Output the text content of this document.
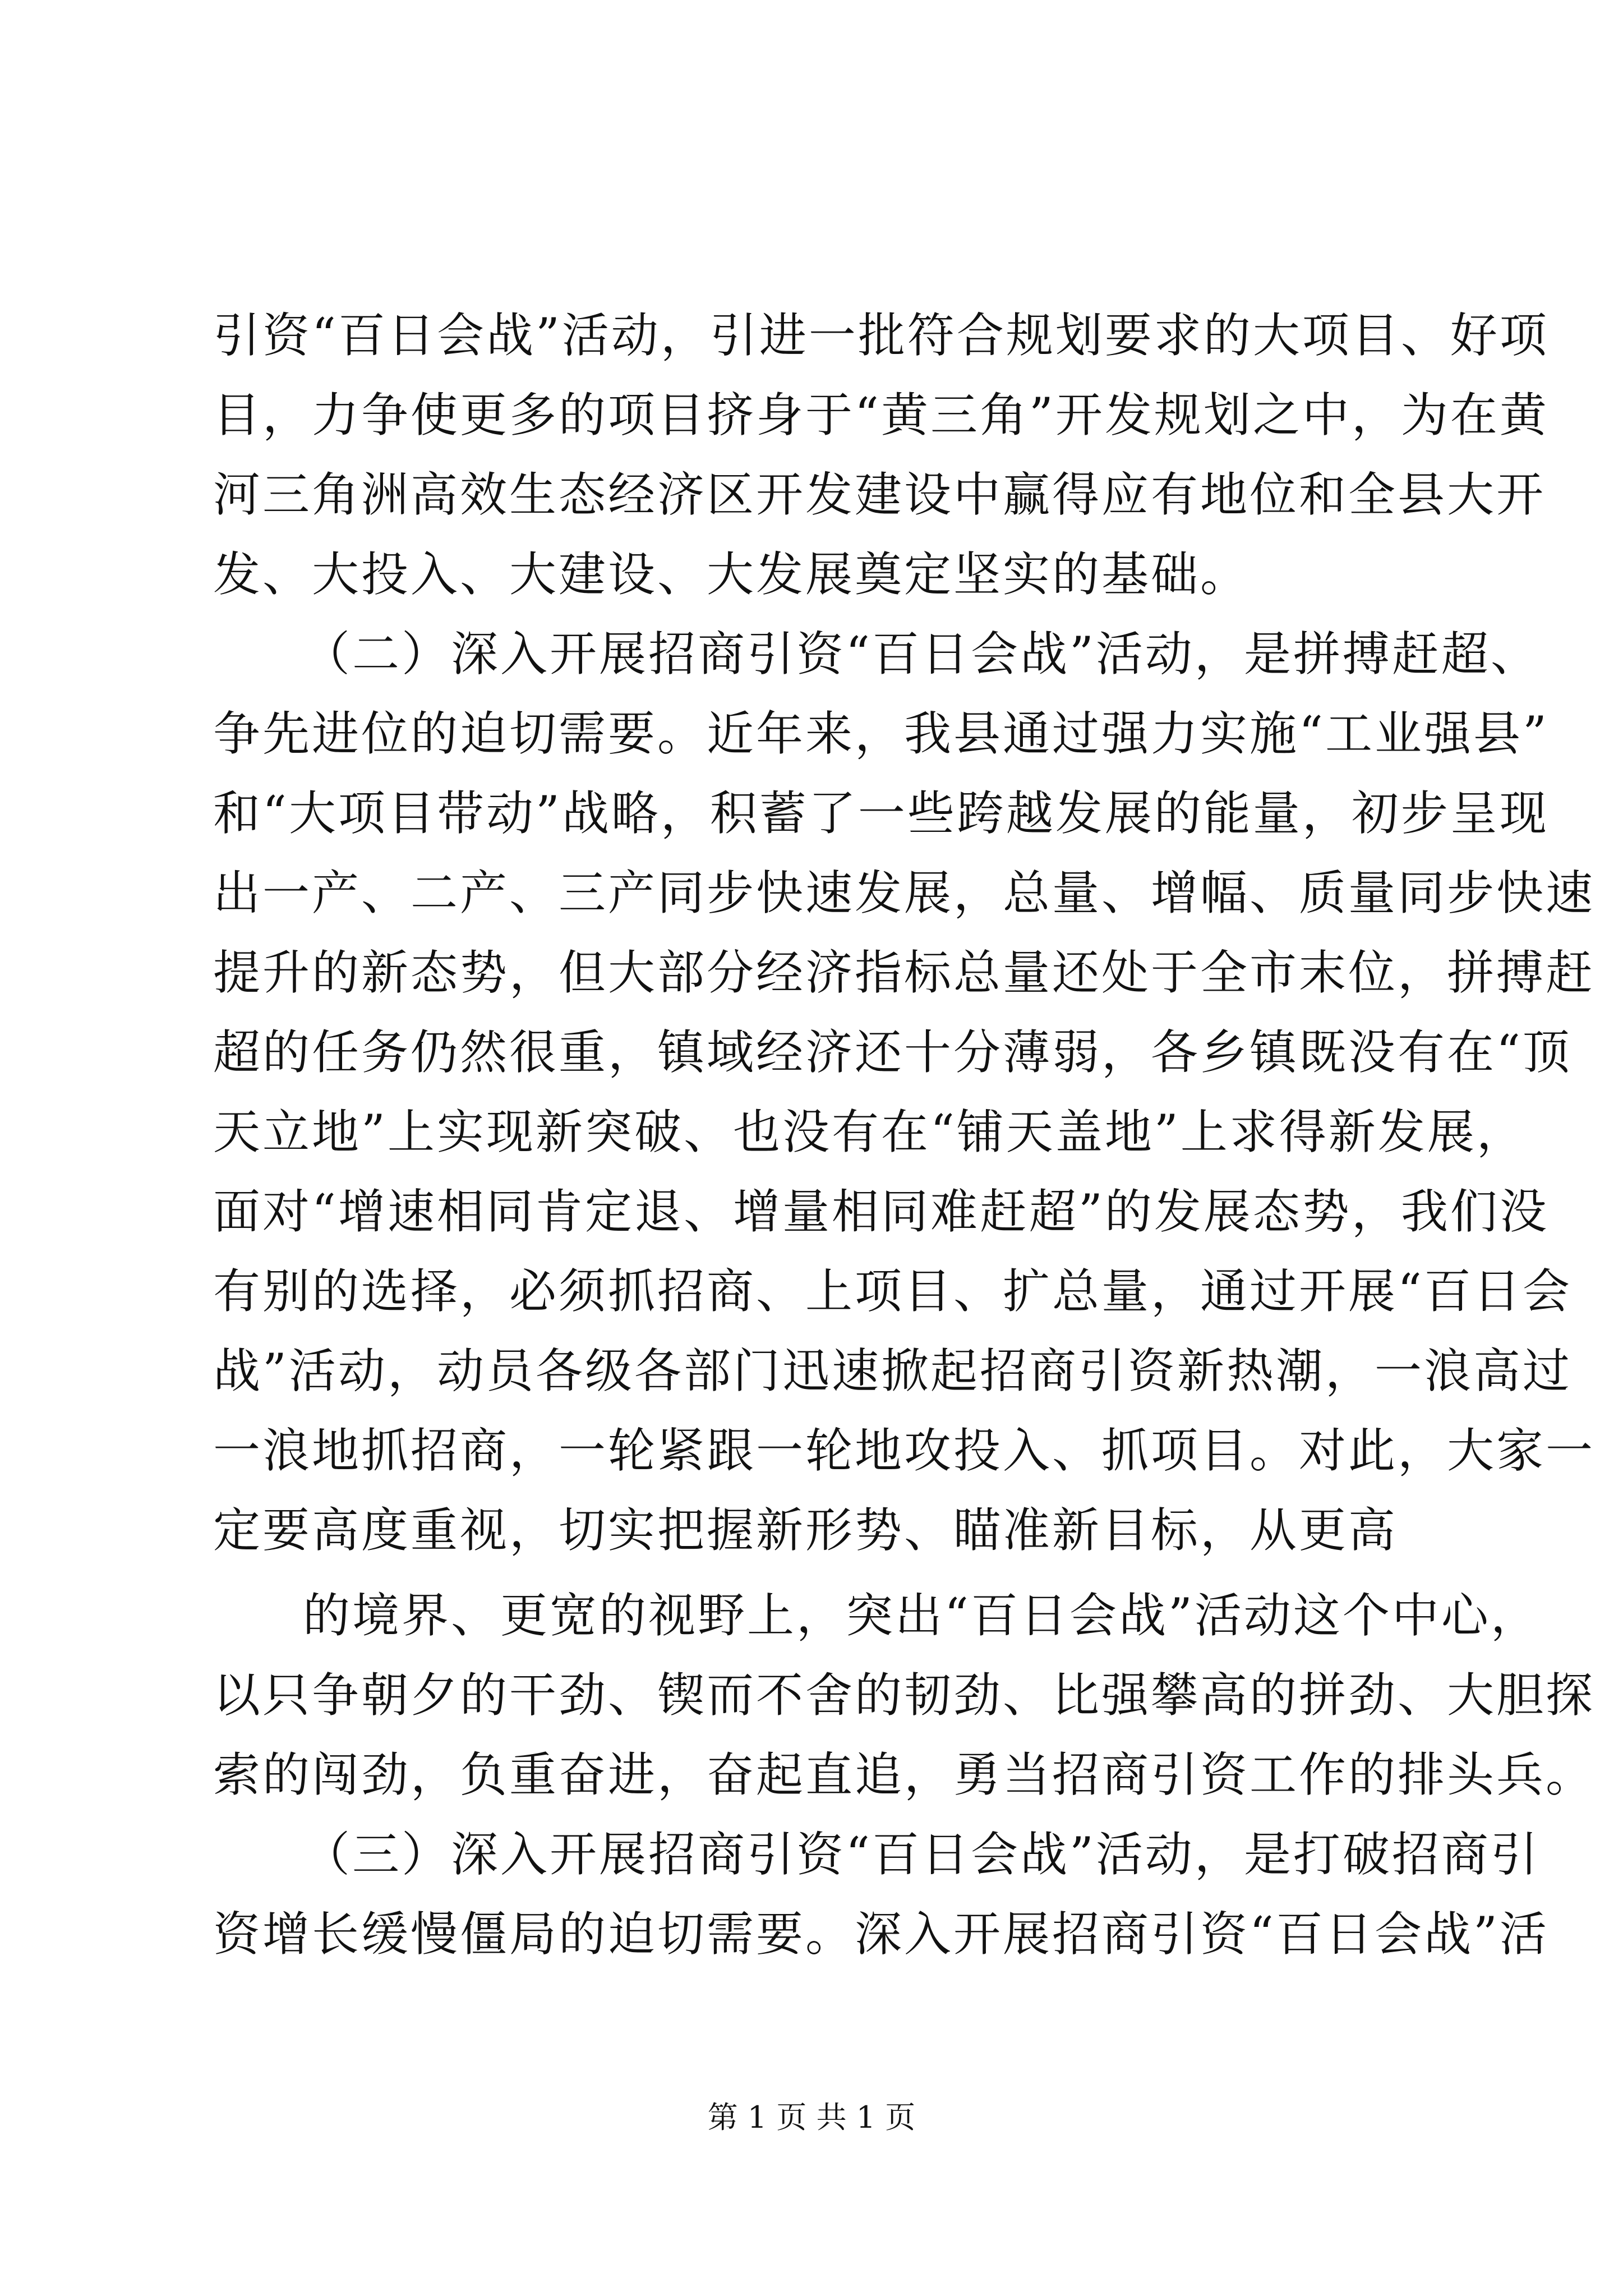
引资“百日会战”活动，引进一批符合规划要求的大项目、好项
目，力争使更多的项目挤身于“黄三角”开发规划之中，为在黄
河三角洲高效生态经济区开发建设中赢得应有地位和全县大开
发、大投入、大建设、大发展奠定坚实的基础。
（二）深入开展招商引资“百日会战”活动，是拼搏赶超、
争先进位的迫切需要。近年来，我县通过强力实施“工业强县”
和“大项目带动”战略，积蓄了一些跨越发展的能量，初步呈现
出一产、二产、三产同步快速发展，总量、增幅、质量同步快速
提升的新态势，但大部分经济指标总量还处于全市末位，拼搏赶
超的任务仍然很重，镇域经济还十分薄弱，各乡镇既没有在“顶
天立地”上实现新突破、也没有在“铺天盖地”上求得新发展，
面对“增速相同肯定退、增量相同难赶超”的发展态势，我们没
有别的选择，必须抓招商、上项目、扩总量，通过开展“百日会
战”活动，动员各级各部门迅速掀起招商引资新热潮，一浪高过
一浪地抓招商，一轮紧跟一轮地攻投入、抓项目。对此，大家一
定要高度重视，切实把握新形势、瞄准新目标，从更高
的境界、更宽的视野上，突出“百日会战”活动这个中心，
以只争朝夕的干劲、锲而不舍的韧劲、比强攀高的拼劲、大胆探
索的闯劲，负重奋进，奋起直追，勇当招商引资工作的排头兵。
（三）深入开展招商引资“百日会战”活动，是打破招商引
资增长缓慢僵局的迫切需要。深入开展招商引资“百日会战”活
第 1 页 共 1 页
